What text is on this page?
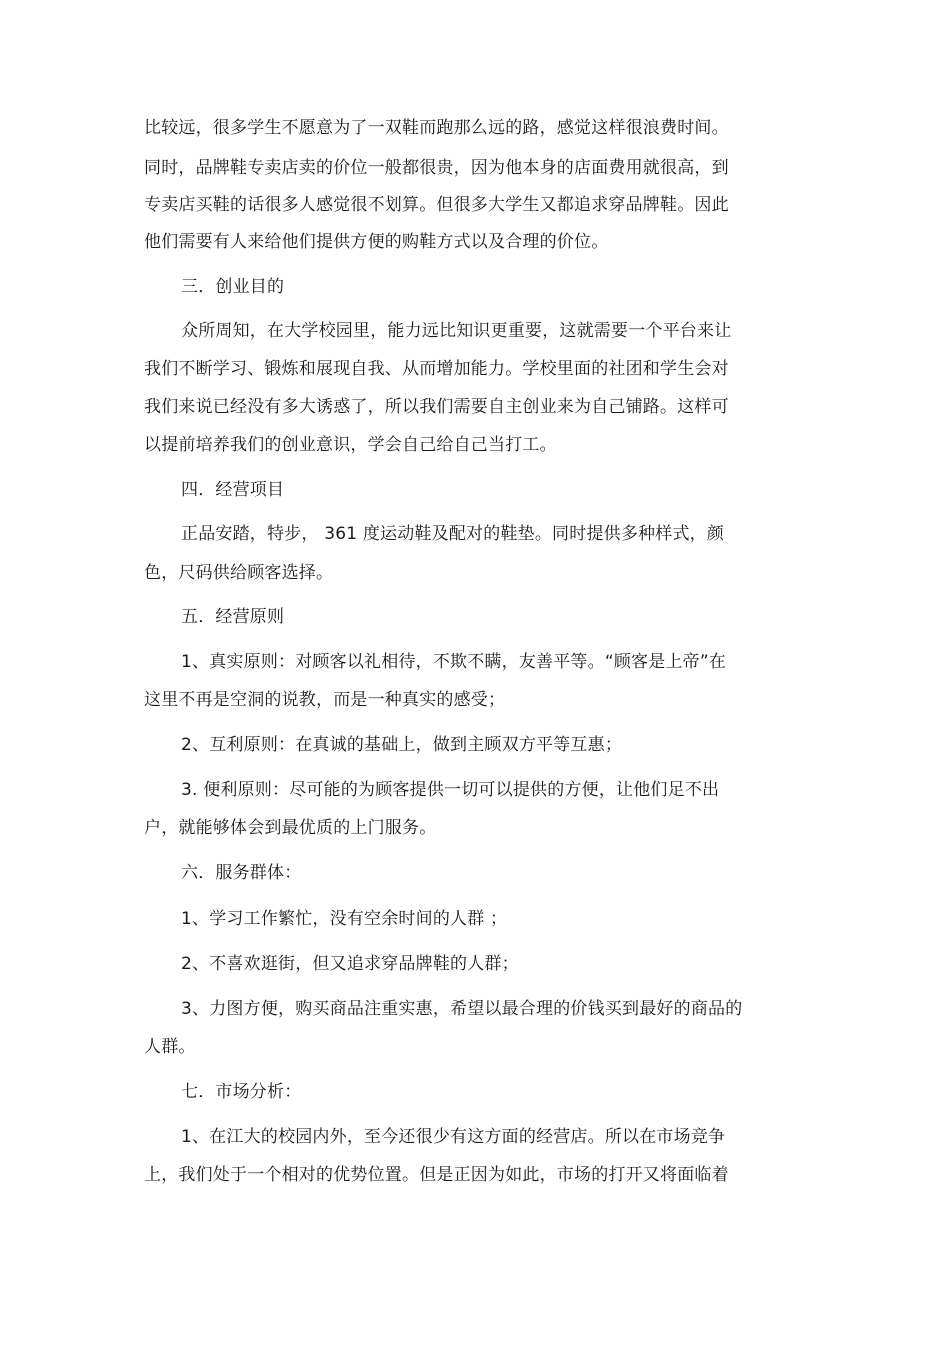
比较远，很多学生不愿意为了一双鞋而跑那么远的路，感觉这样很浪费时间。
同时，品牌鞋专卖店卖的价位一般都很贵，因为他本身的店面费用就很高，到
专卖店买鞋的话很多人感觉很不划算。但很多大学生又都追求穿品牌鞋。因此
他们需要有人来给他们提供方便的购鞋方式以及合理的价位。
三．创业目的
众所周知，在大学校园里，能力远比知识更重要，这就需要一个平台来让
我们不断学习、锻炼和展现自我、从而增加能力。学校里面的社团和学生会对
我们来说已经没有多大诱惑了，所以我们需要自主创业来为自己铺路。这样可
以提前培养我们的创业意识，学会自己给自己当打工。
四．经营项目
正品安踏，特步， 361 度运动鞋及配对的鞋垫。同时提供多种样式，颜
色，尺码供给顾客选择。
五．经营原则
1、真实原则：对顾客以礼相待，不欺不瞒，友善平等。“顾客是上帝”在
这里不再是空洞的说教，而是一种真实的感受；
2、互利原则：在真诚的基础上，做到主顾双方平等互惠；
3. 便利原则：尽可能的为顾客提供一切可以提供的方便，让他们足不出
户，就能够体会到最优质的上门服务。
六．服务群体：
1、学习工作繁忙，没有空余时间的人群 ；
2、不喜欢逛街，但又追求穿品牌鞋的人群；
3、力图方便，购买商品注重实惠，希望以最合理的价钱买到最好的商品的
人群。
七．市场分析：
1、在江大的校园内外，至今还很少有这方面的经营店。所以在市场竞争
上，我们处于一个相对的优势位置。但是正因为如此，市场的打开又将面临着
